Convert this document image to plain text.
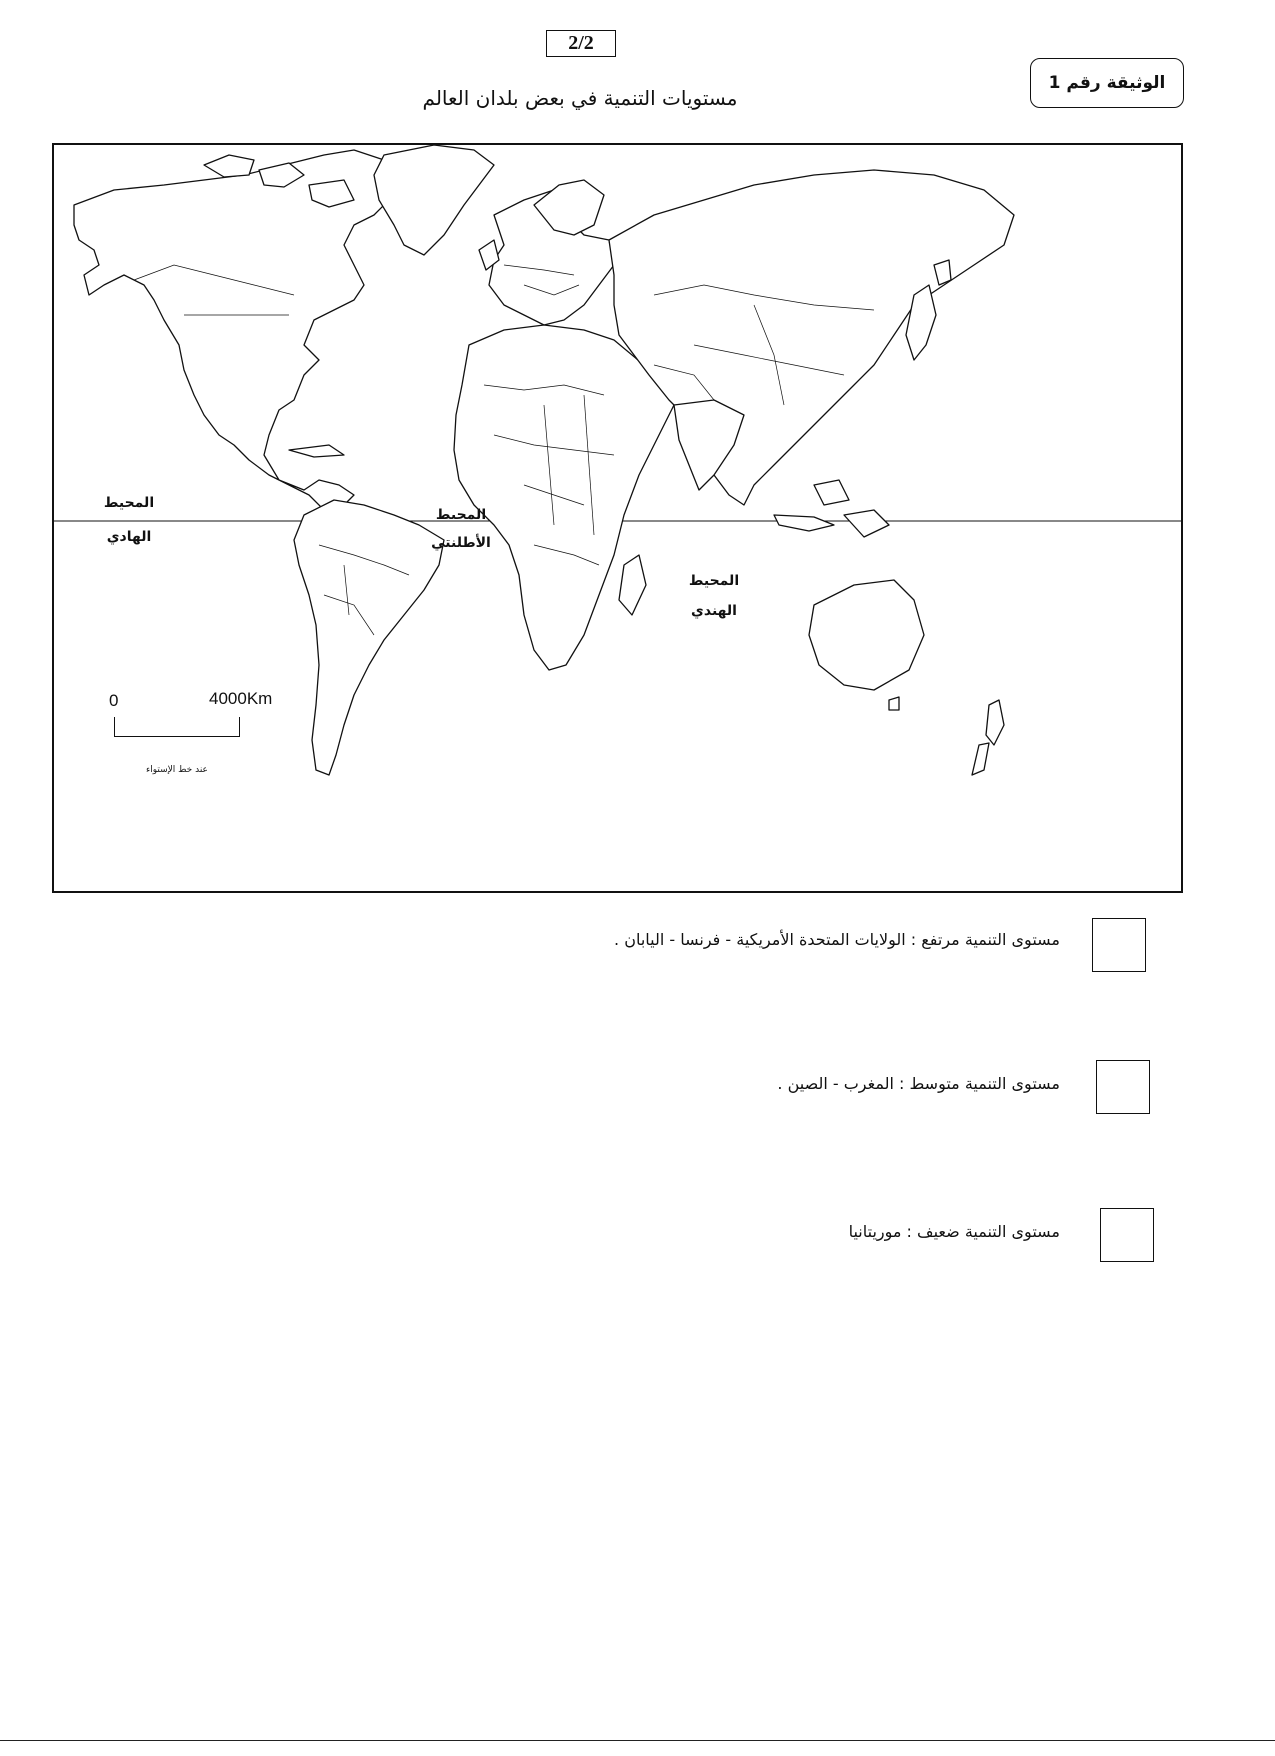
2/2
الوثيقة رقم 1
مستويات التنمية في بعض بلدان العالم
المحيط
الهادي
المحيط
الأطلنتي
المحيط
الهندي
0	4000Km
عند خط الإستواء
مستوى التنمية مرتفع : الولايات المتحدة الأمريكية - فرنسا - اليابان .
مستوى التنمية متوسط : المغرب - الصين .
مستوى التنمية ضعيف : موريتانيا
